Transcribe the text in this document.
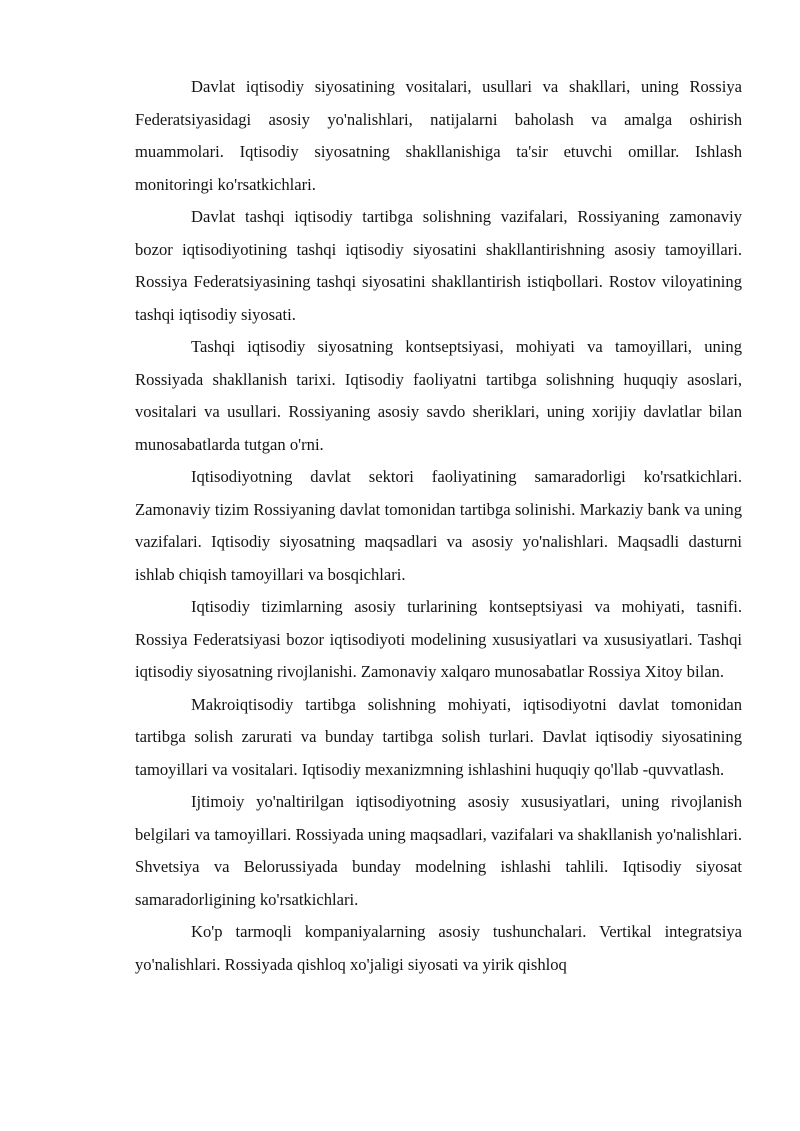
Davlat iqtisodiy siyosatining vositalari, usullari va shakllari, uning Rossiya Federatsiyasidagi asosiy yo'nalishlari, natijalarni baholash va amalga oshirish muammolari. Iqtisodiy siyosatning shakllanishiga ta'sir etuvchi omillar. Ishlash monitoringi ko'rsatkichlari.

Davlat tashqi iqtisodiy tartibga solishning vazifalari, Rossiyaning zamonaviy bozor iqtisodiyotining tashqi iqtisodiy siyosatini shakllantirishning asosiy tamoyillari. Rossiya Federatsiyasining tashqi siyosatini shakllantirish istiqbollari. Rostov viloyatining tashqi iqtisodiy siyosati.

Tashqi iqtisodiy siyosatning kontseptsiyasi, mohiyati va tamoyillari, uning Rossiyada shakllanish tarixi. Iqtisodiy faoliyatni tartibga solishning huquqiy asoslari, vositalari va usullari. Rossiyaning asosiy savdo sheriklari, uning xorijiy davlatlar bilan munosabatlarda tutgan o'rni.

Iqtisodiyotning davlat sektori faoliyatining samaradorligi ko'rsatkichlari. Zamonaviy tizim Rossiyaning davlat tomonidan tartibga solinishi. Markaziy bank va uning vazifalari. Iqtisodiy siyosatning maqsadlari va asosiy yo'nalishlari. Maqsadli dasturni ishlab chiqish tamoyillari va bosqichlari.

Iqtisodiy tizimlarning asosiy turlarining kontseptsiyasi va mohiyati, tasnifi. Rossiya Federatsiyasi bozor iqtisodiyoti modelining xususiyatlari va xususiyatlari. Tashqi iqtisodiy siyosatning rivojlanishi. Zamonaviy xalqaro munosabatlar Rossiya Xitoy bilan.

Makroiqtisodiy tartibga solishning mohiyati, iqtisodiyotni davlat tomonidan tartibga solish zarurati va bunday tartibga solish turlari. Davlat iqtisodiy siyosatining tamoyillari va vositalari. Iqtisodiy mexanizmning ishlashini huquqiy qo'llab -quvvatlash.

Ijtimoiy yo'naltirilgan iqtisodiyotning asosiy xususiyatlari, uning rivojlanish belgilari va tamoyillari. Rossiyada uning maqsadlari, vazifalari va shakllanish yo'nalishlari. Shvetsiya va Belorussiyada bunday modelning ishlashi tahlili. Iqtisodiy siyosat samaradorligining ko'rsatkichlari.

Ko'p tarmoqli kompaniyalarning asosiy tushunchalari. Vertikal integratsiya yo'nalishlari. Rossiyada qishloq xo'jaligi siyosati va yirik qishloq
